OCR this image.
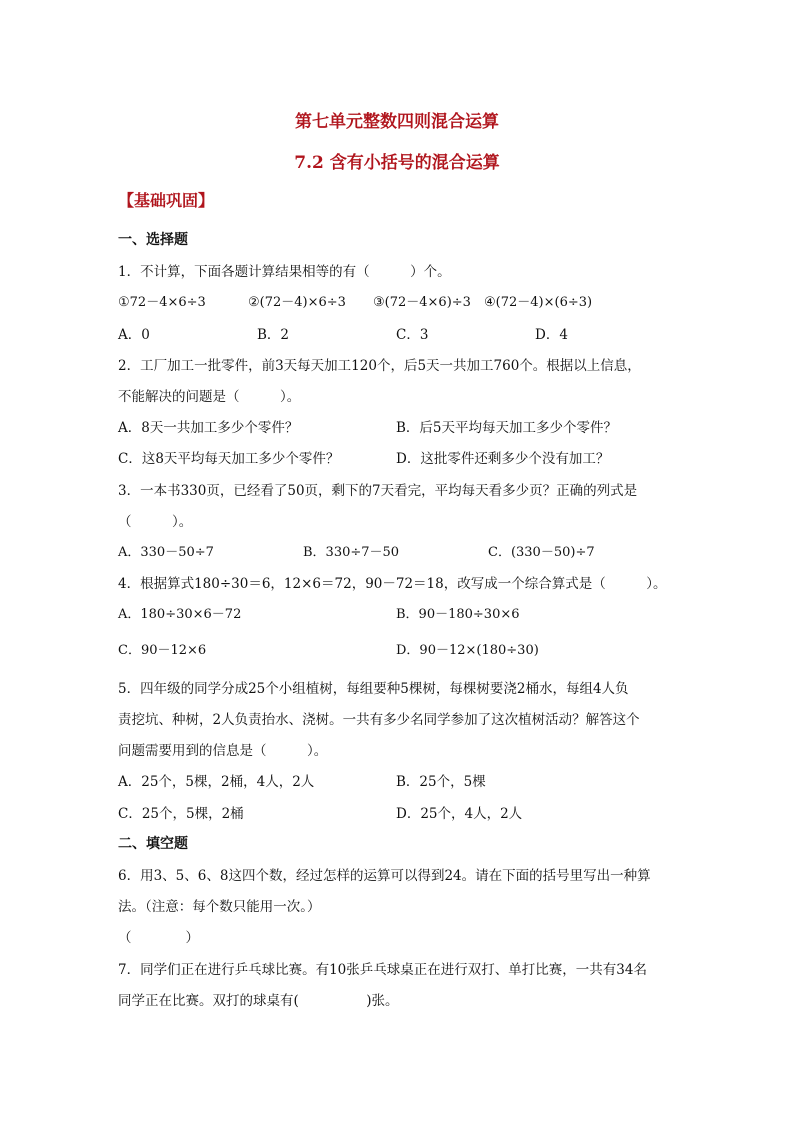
第七单元整数四则混合运算
7.2 含有小括号的混合运算
【基础巩固】
一、选择题
1．不计算，下面各题计算结果相等的有（　　　）个。
①72－4×6÷3	②(72－4)×6÷3 ③(72－4×6)÷3 ④(72－4)×(6÷3)
A．0	B．2	C．3	D．4
2．工厂加工一批零件，前3天每天加工120个，后5天一共加工760个。根据以上信息，
不能解决的问题是（　　　）。
A．8天一共加工多少个零件？	B．后5天平均每天加工多少个零件？
C．这8天平均每天加工多少个零件？	D．这批零件还剩多少个没有加工？
3．一本书330页，已经看了50页，剩下的7天看完，平均每天看多少页？正确的列式是
（　　　）。
A．330－50÷7	B．330÷7－50	C．(330－50)÷7
4．根据算式180÷30＝6，12×6＝72，90－72＝18，改写成一个综合算式是（　　　）。
A．180÷30×6－72	B．90－180÷30×6
C．90－12×6	D．90－12×(180÷30)
5．四年级的同学分成25个小组植树，每组要种5棵树，每棵树要浇2桶水，每组4人负
责挖坑、种树，2人负责抬水、浇树。一共有多少名同学参加了这次植树活动？解答这个
问题需要用到的信息是（　　　）。
A．25个，5棵，2桶，4人，2人	B．25个，5棵
C．25个，5棵，2桶	D．25个，4人，2人
二、填空题
6．用3、5、6、8这四个数，经过怎样的运算可以得到24。请在下面的括号里写出一种算
法。（注意：每个数只能用一次。）
（　　　　）
7．同学们正在进行乒乓球比赛。有10张乒乓球桌正在进行双打、单打比赛，一共有34名
同学正在比赛。双打的球桌有(　　　　　)张。
